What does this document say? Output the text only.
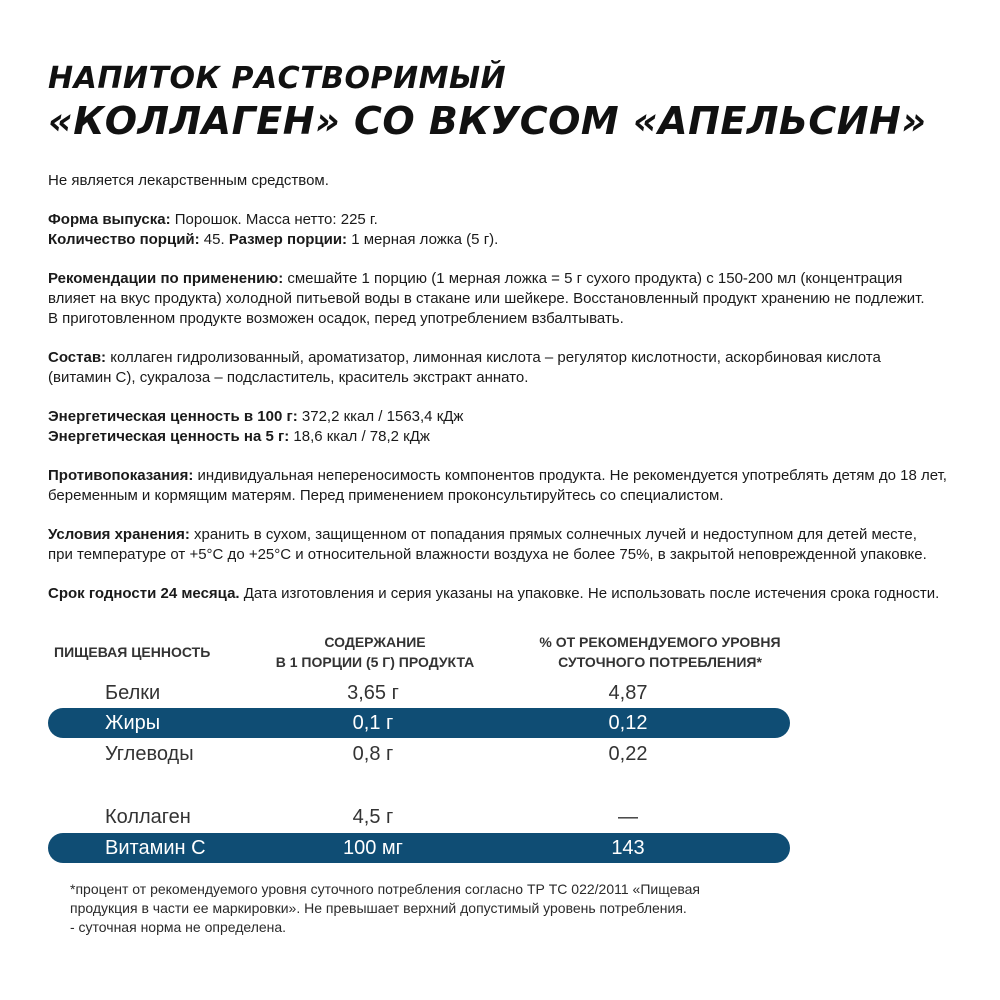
НАПИТОК РАСТВОРИМЫЙ
«КОЛЛАГЕН» СО ВКУСОМ «АПЕЛЬСИН»

Не является лекарственным средством.

Форма выпуска: Порошок. Масса нетто: 225 г.
Количество порций: 45. Размер порции: 1 мерная ложка (5 г).

Рекомендации по применению: смешайте 1 порцию (1 мерная ложка = 5 г сухого продукта) с 150-200 мл (концентрация
влияет на вкус продукта) холодной питьевой воды в стакане или шейкере. Восстановленный продукт хранению не подлежит.
В приготовленном продукте возможен осадок, перед употреблением взбалтывать.

Состав: коллаген гидролизованный, ароматизатор, лимонная кислота – регулятор кислотности, аскорбиновая кислота
(витамин С), сукралоза – подсластитель, краситель экстракт аннато.

Энергетическая ценность в 100 г: 372,2 ккал / 1563,4 кДж
Энергетическая ценность на 5 г: 18,6 ккал / 78,2 кДж

Противопоказания: индивидуальная непереносимость компонентов продукта. Не рекомендуется употреблять детям до 18 лет,
беременным и кормящим матерям. Перед применением проконсультируйтесь со специалистом.

Условия хранения: хранить в сухом, защищенном от попадания прямых солнечных лучей и недоступном для детей месте,
при температуре от +5°С до +25°С и относительной влажности воздуха не более 75%, в закрытой неповрежденной упаковке.

Срок годности 24 месяца. Дата изготовления и серия указаны на упаковке. Не использовать после истечения срока годности.

ПИЩЕВАЯ ЦЕННОСТЬ
СОДЕРЖАНИЕ
В 1 ПОРЦИИ (5 Г) ПРОДУКТА
% ОТ РЕКОМЕНДУЕМОГО УРОВНЯ
СУТОЧНОГО ПОТРЕБЛЕНИЯ*
Белки	3,65 г	4,87
Жиры	0,1 г	0,12
Углеводы	0,8 г	0,22
Коллаген	4,5 г	—
Витамин С	100 мг	143
*процент от рекомендуемого уровня суточного потребления согласно ТР ТС 022/2011 «Пищевая
продукция в части ее маркировки». Не превышает верхний допустимый уровень потребления.
- суточная норма не определена.
